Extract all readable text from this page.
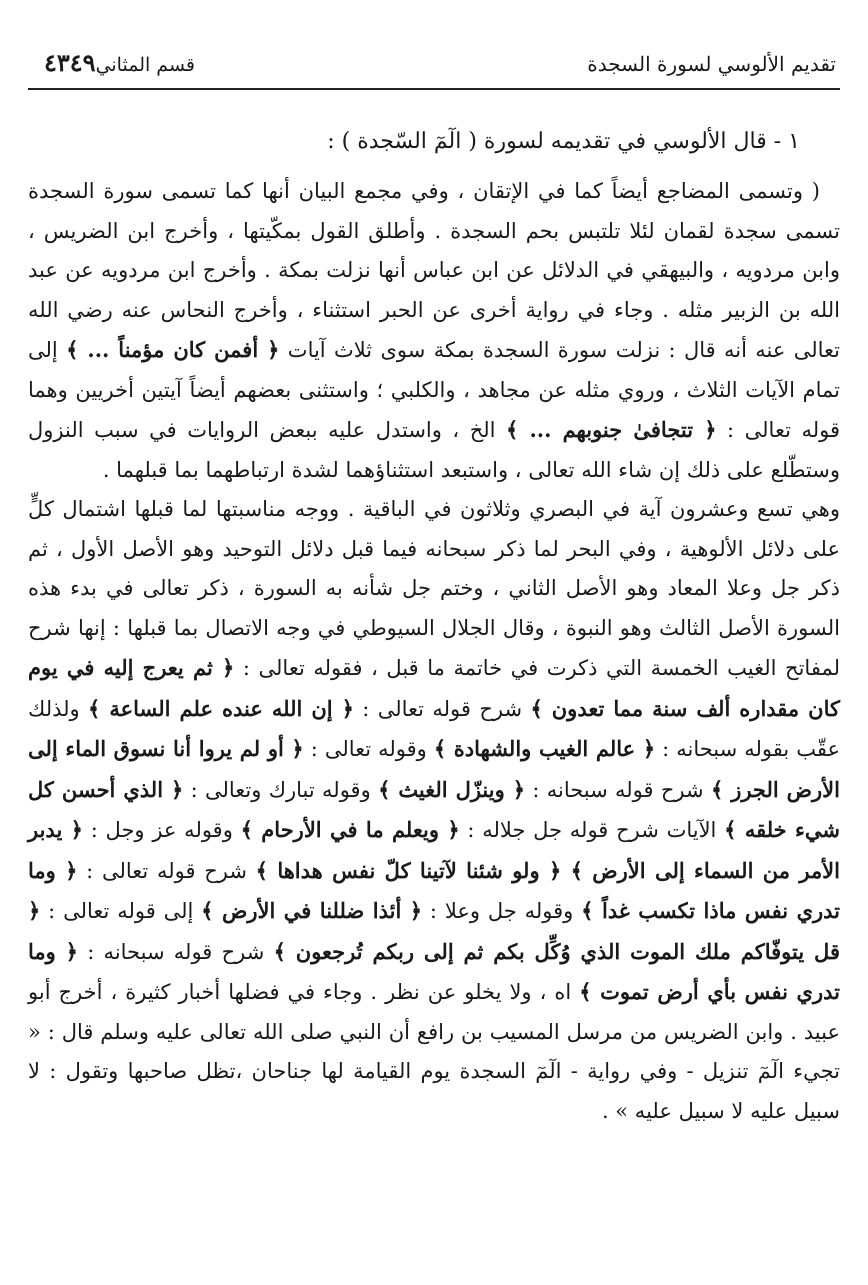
تقديم الألوسي لسورة السجدة
قسم المثاني
٤٣٤٩
١ - قال الألوسي في تقديمه لسورة ( الٓمٓ السّجدة ) :

( وتسمى المضاجع أيضاً كما في الإتقان ، وفي مجمع البيان أنها كما تسمى سورة السجدة تسمى سجدة لقمان لئلا تلتبس بحم السجدة . وأطلق القول بمكّيتها ، وأخرج ابن الضريس ، وابن مردويه ، والبيهقي في الدلائل عن ابن عباس أنها نزلت بمكة . وأخرج ابن مردويه عن عبد الله بن الزبير مثله . وجاء في رواية أخرى عن الحبر استثناء ، وأخرج النحاس عنه رضي الله تعالى عنه أنه قال : نزلت سورة السجدة بمكة سوى ثلاث آيات ﴿ أفمن كان مؤمناً ... ﴾ إلى تمام الآيات الثلاث ، وروي مثله عن مجاهد ، والكلبي ؛ واستثنى بعضهم أيضاً آيتين أخريين وهما قوله تعالى : ﴿ تتجافىٰ جنوبهم ... ﴾ الخ ، واستدل عليه ببعض الروايات في سبب النزول وستطّلع على ذلك إن شاء الله تعالى ، واستبعد استثناؤهما لشدة ارتباطهما بما قبلهما .

وهي تسع وعشرون آية في البصري وثلاثون في الباقية . ووجه مناسبتها لما قبلها اشتمال كلٍّ على دلائل الألوهية ، وفي البحر لما ذكر سبحانه فيما قبل دلائل التوحيد وهو الأصل الأول ، ثم ذكر جل وعلا المعاد وهو الأصل الثاني ، وختم جل شأنه به السورة ، ذكر تعالى في بدء هذه السورة الأصل الثالث وهو النبوة ، وقال الجلال السيوطي في وجه الاتصال بما قبلها : إنها شرح لمفاتح الغيب الخمسة التي ذكرت في خاتمة ما قبل ، فقوله تعالى : ﴿ ثم يعرج إليه في يوم كان مقداره ألف سنة مما تعدون ﴾ شرح قوله تعالى : ﴿ إن الله عنده علم الساعة ﴾ ولذلك عقّب بقوله سبحانه : ﴿ عالم الغيب والشهادة ﴾ وقوله تعالى : ﴿ أو لم يروا أنا نسوق الماء إلى الأرض الجرز ﴾ شرح قوله سبحانه : ﴿ وينزّل الغيث ﴾ وقوله تبارك وتعالى : ﴿ الذي أحسن كل شيء خلقه ﴾ الآيات شرح قوله جل جلاله : ﴿ ويعلم ما في الأرحام ﴾ وقوله عز وجل : ﴿ يدبر الأمر من السماء إلى الأرض ﴾ ﴿ ولو شئنا لآتينا كلّ نفس هداها ﴾ شرح قوله تعالى : ﴿ وما تدري نفس ماذا تكسب غداً ﴾ وقوله جل وعلا : ﴿ أئذا ضللنا في الأرض ﴾ إلى قوله تعالى : ﴿ قل يتوفّاكم ملك الموت الذي وُكِّل بكم ثم إلى ربكم تُرجعون ﴾ شرح قوله سبحانه : ﴿ وما تدري نفس بأي أرض تموت ﴾ اه ، ولا يخلو عن نظر . وجاء في فضلها أخبار كثيرة ، أخرج أبو عبيد . وابن الضريس من مرسل المسيب بن رافع أن النبي صلى الله تعالى عليه وسلم قال : « تجيء الٓمٓ تنزيل - وفي رواية - الٓمٓ السجدة يوم القيامة لها جناحان ،تظل صاحبها وتقول : لا سبيل عليه لا سبيل عليه » .
